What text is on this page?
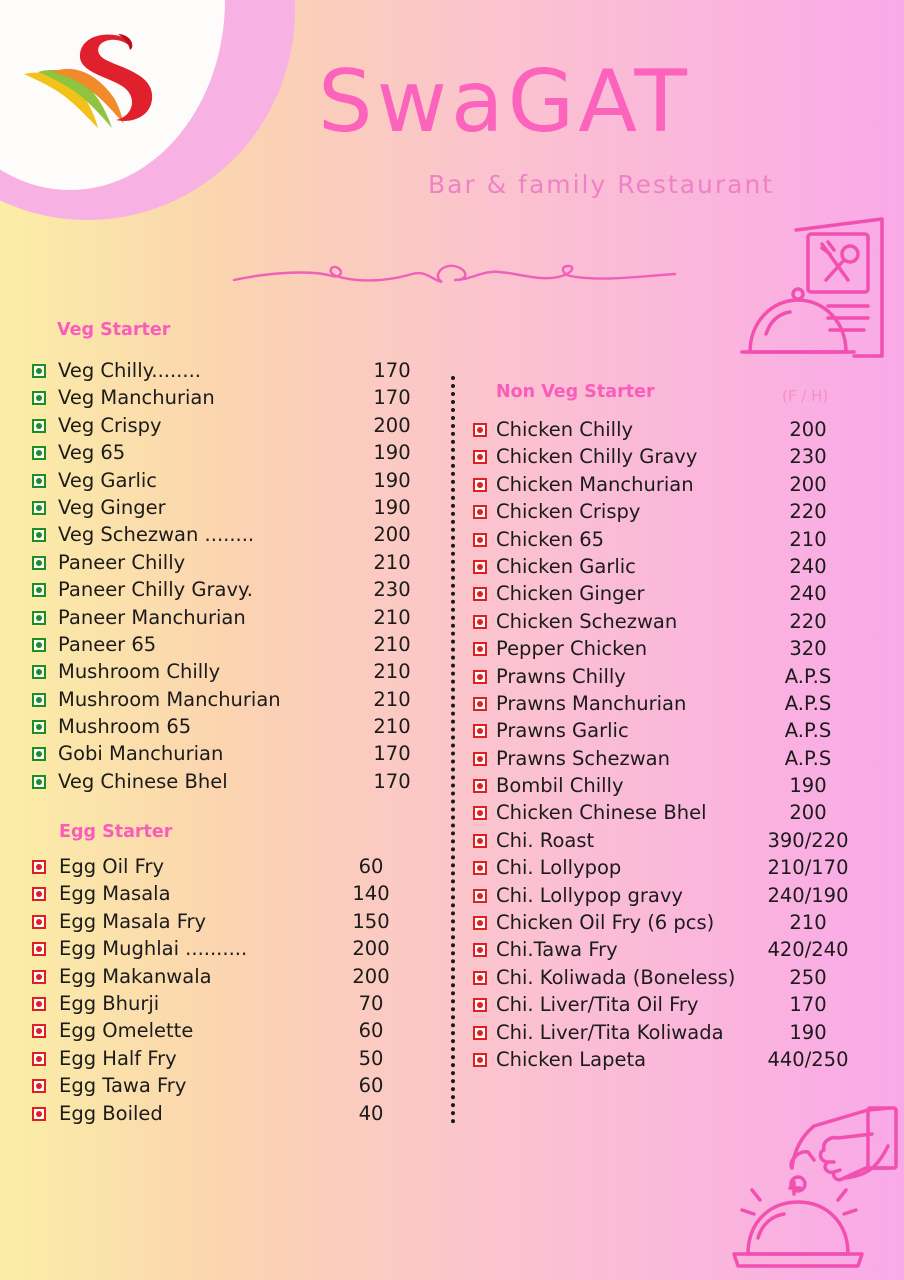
SwaGAT
Bar & family Restaurant
Veg Starter
Egg Starter
Non Veg Starter	(F / H)
Veg Chilly........	170
Veg Manchurian	170
Veg Crispy	200
Veg 65	190
Veg Garlic	190
Veg Ginger	190
Veg Schezwan ........	200
Paneer Chilly	210
Paneer Chilly Gravy.	230
Paneer Manchurian	210
Paneer 65	210
Mushroom Chilly	210
Mushroom Manchurian	210
Mushroom 65	210
Gobi Manchurian	170
Veg Chinese Bhel	170
Egg Oil Fry	60
Egg Masala	140
Egg Masala Fry	150
Egg Mughlai ..........	200
Egg Makanwala	200
Egg Bhurji	70
Egg Omelette	60
Egg Half Fry	50
Egg Tawa Fry	60
Egg Boiled	40
Chicken Chilly	200
Chicken Chilly Gravy	230
Chicken Manchurian	200
Chicken Crispy	220
Chicken 65	210
Chicken Garlic	240
Chicken Ginger	240
Chicken Schezwan	220
Pepper Chicken	320
Prawns Chilly	A.P.S
Prawns Manchurian	A.P.S
Prawns Garlic	A.P.S
Prawns Schezwan	A.P.S
Bombil Chilly	190
Chicken Chinese Bhel	200
Chi. Roast	390/220
Chi. Lollypop	210/170
Chi. Lollypop gravy	240/190
Chicken Oil Fry (6 pcs)	210
Chi.Tawa Fry	420/240
Chi. Koliwada (Boneless)	250
Chi. Liver/Tita Oil Fry	170
Chi. Liver/Tita Koliwada	190
Chicken Lapeta	440/250
